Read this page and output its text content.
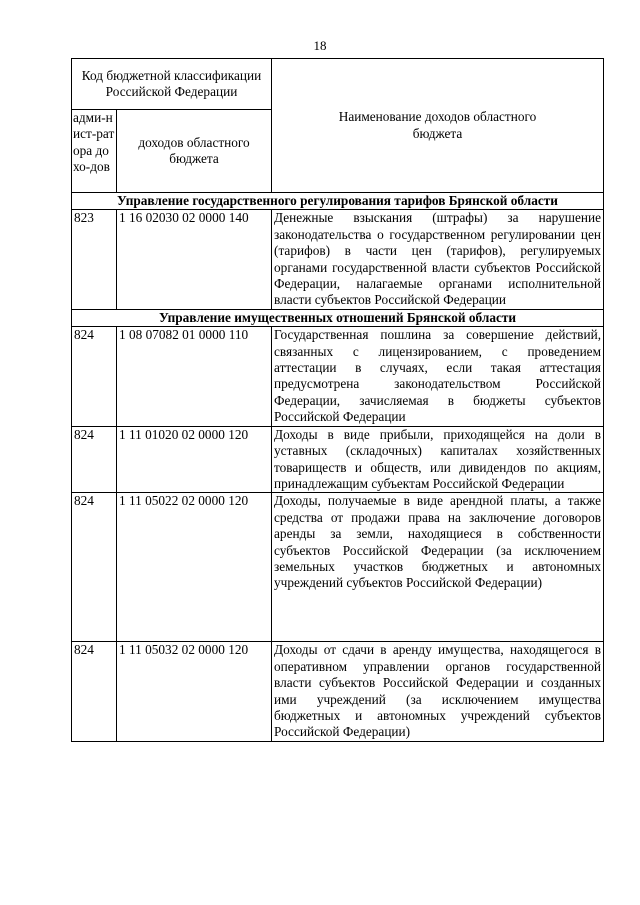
18
Код бюджетной классификации Российской Федерации		Наименование доходов областного бюджета

адми-нист-ратора дохо-дов	доходов областного бюджета	
Управление государственного регулирования тарифов Брянской области		
823	1 16 02030 02 0000 140	Денежные взыскания (штрафы) за нарушение законодательства о государственном регулировании цен (тарифов) в части цен (тарифов), регулируемых органами государственной власти субъектов Российской Федерации, налагаемые органами исполнительной власти субъектов Российской Федерации
Управление имущественных отношений Брянской области		
824	1 08 07082 01 0000 110	Государственная пошлина за совершение действий, связанных с лицензированием, с проведением аттестации в случаях, если такая аттестация предусмотрена законодательством Российской Федерации, зачисляемая в бюджеты субъектов Российской Федерации
824	1 11 01020 02 0000 120	Доходы в виде прибыли, приходящейся на доли в уставных (складочных) капиталах хозяйственных товариществ и обществ, или дивидендов по акциям, принадлежащим субъектам Российской Федерации
824	1 11 05022 02 0000 120	Доходы, получаемые в виде арендной платы, а также средства от продажи права на заключение договоров аренды за земли, находящиеся в собственности субъектов Российской Федерации (за исключением земельных участков бюджетных и автономных учреждений субъектов Российской Федерации)
824	1 11 05032 02 0000 120	Доходы от сдачи в аренду имущества, находящегося в оперативном управлении органов государственной власти субъектов Российской Федерации и созданных ими учреждений (за исключением имущества бюджетных и автономных учреждений субъектов Российской Федерации)
